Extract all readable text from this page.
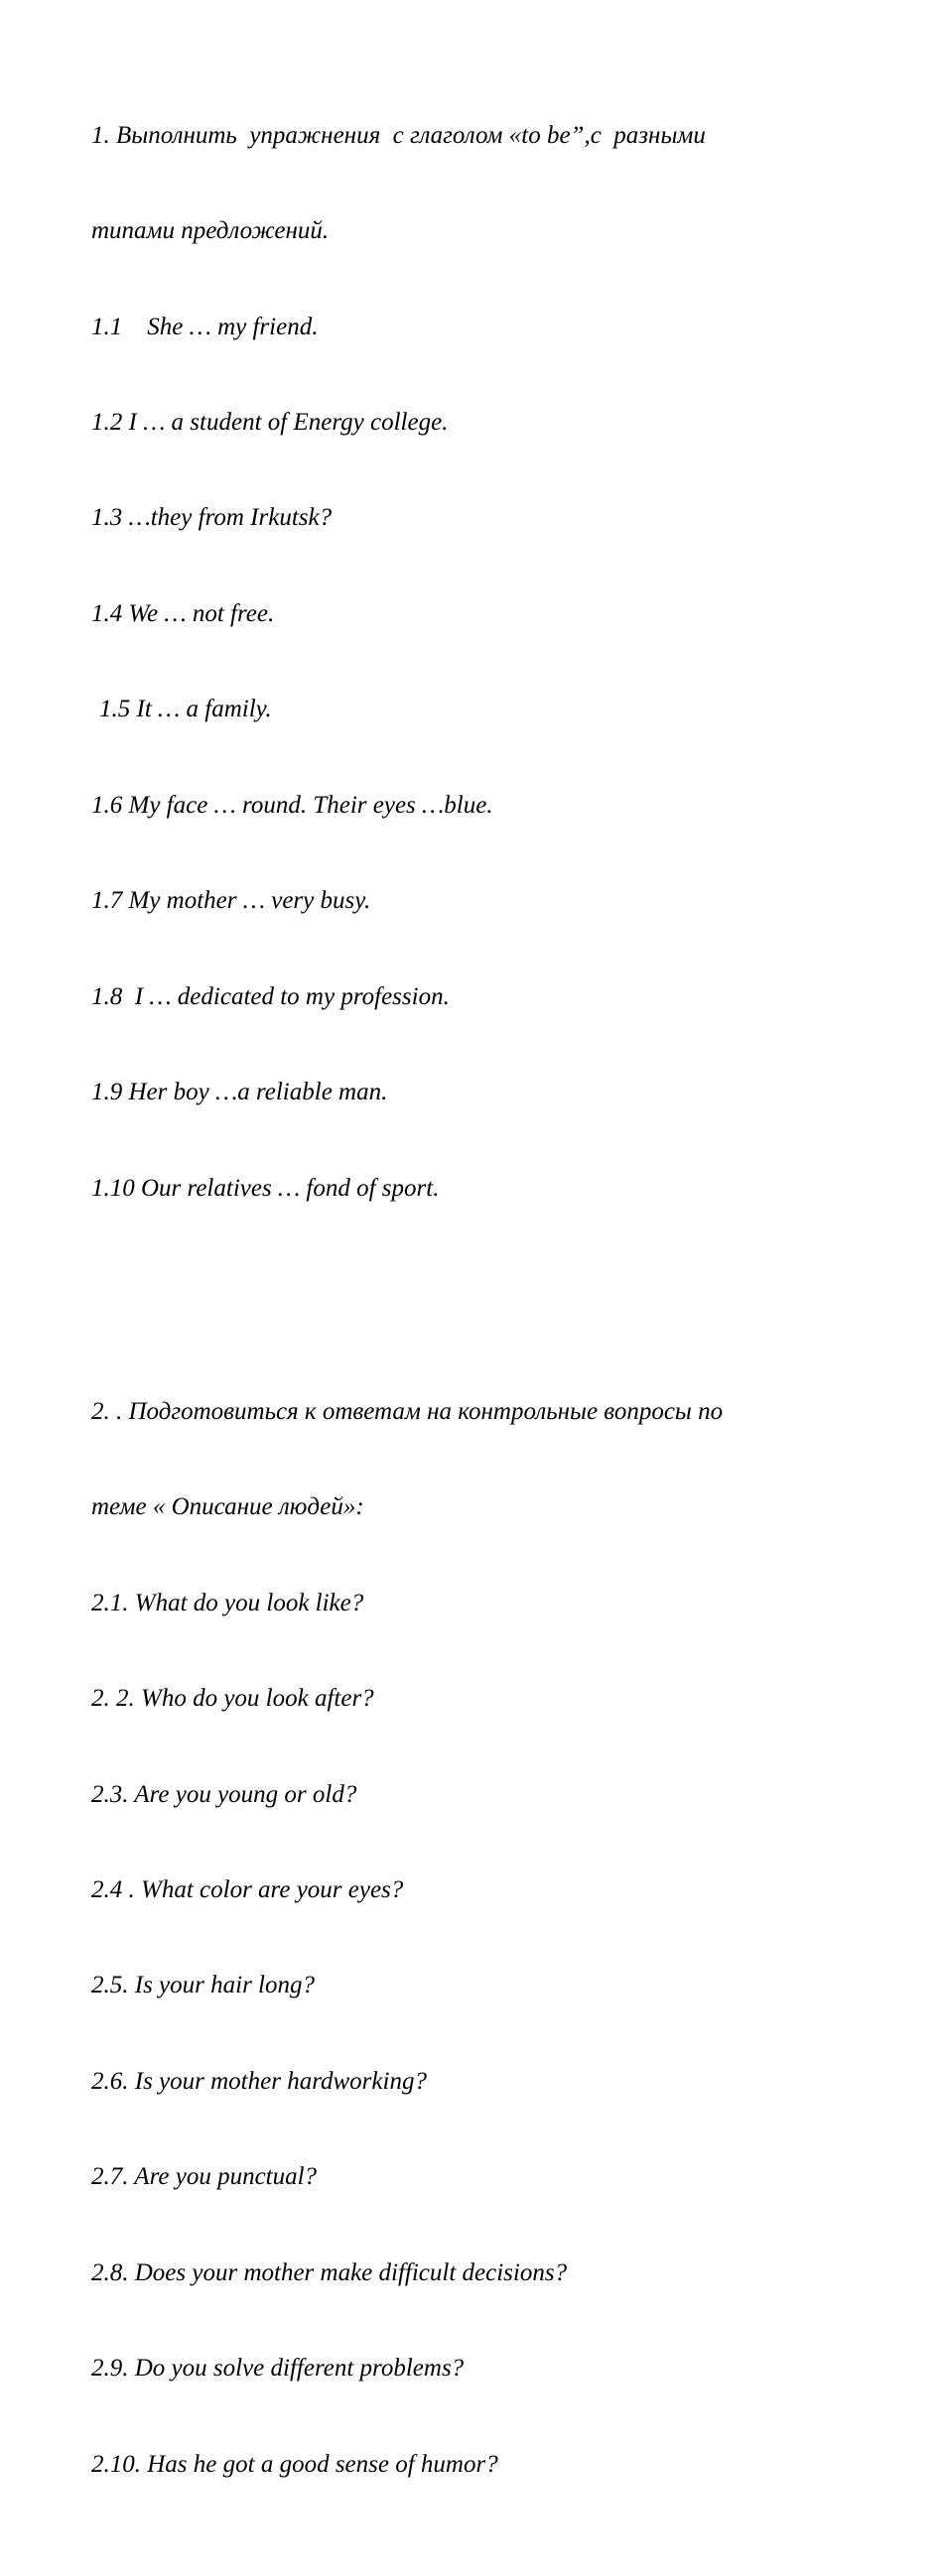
1. Выполнить  упражнения  с глаголом «to be”,с  разными

типами предложений.

1.1    She … my friend.

1.2 I … a student of Energy college.

1.3 …they from Irkutsk?

1.4 We … not free.

1.5 It … a family.

1.6 My face … round. Their eyes …blue.

1.7 My mother … very busy.

1.8  I … dedicated to my profession.

1.9 Her boy …a reliable man.

1.10 Our relatives … fond of sport.

2. . Подготовиться к ответам на контрольные вопросы по

теме « Описание людей»:

2.1. What do you look like?

2. 2. Who do you look after?

2.3. Are you young or old?

2.4 . What color are your eyes?

2.5. Is your hair long?

2.6. Is your mother hardworking?

2.7. Are you punctual?

2.8. Does your mother make difficult decisions?

2.9. Do you solve different problems?

2.10. Has he got a good sense of humor?
